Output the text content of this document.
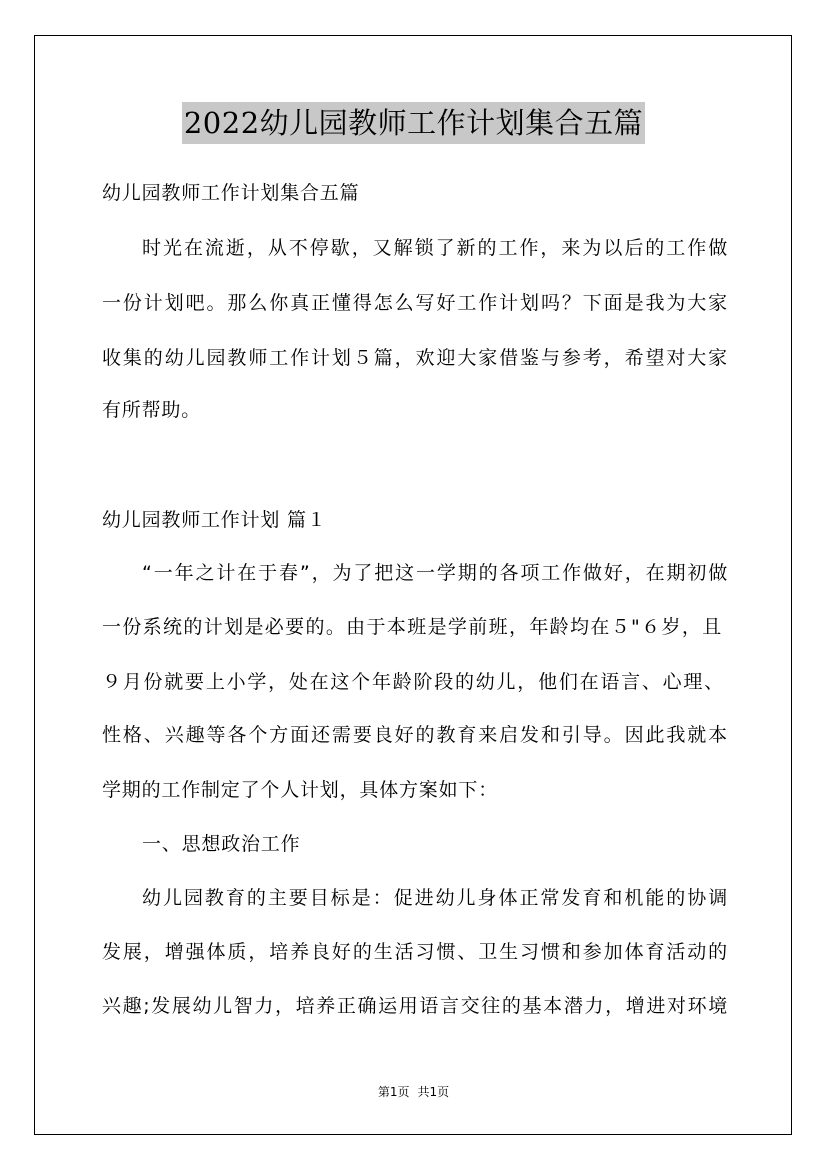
2022幼儿园教师工作计划集合五篇
幼儿园教师工作计划集合五篇
时光在流逝，从不停歇，又解锁了新的工作，来为以后的工作做
一份计划吧。那么你真正懂得怎么写好工作计划吗？下面是我为大家
收集的幼儿园教师工作计划５篇，欢迎大家借鉴与参考，希望对大家
有所帮助。
幼儿园教师工作计划 篇１
“一年之计在于春”，为了把这一学期的各项工作做好，在期初做
一份系统的计划是必要的。由于本班是学前班，年龄均在５"６岁，且
９月份就要上小学，处在这个年龄阶段的幼儿，他们在语言、心理、
性格、兴趣等各个方面还需要良好的教育来启发和引导。因此我就本
学期的工作制定了个人计划，具体方案如下：
一、思想政治工作
幼儿园教育的主要目标是：促进幼儿身体正常发育和机能的协调
发展，增强体质，培养良好的生活习惯、卫生习惯和参加体育活动的
兴趣;发展幼儿智力，培养正确运用语言交往的基本潜力，增进对环境
第1页 共1页
